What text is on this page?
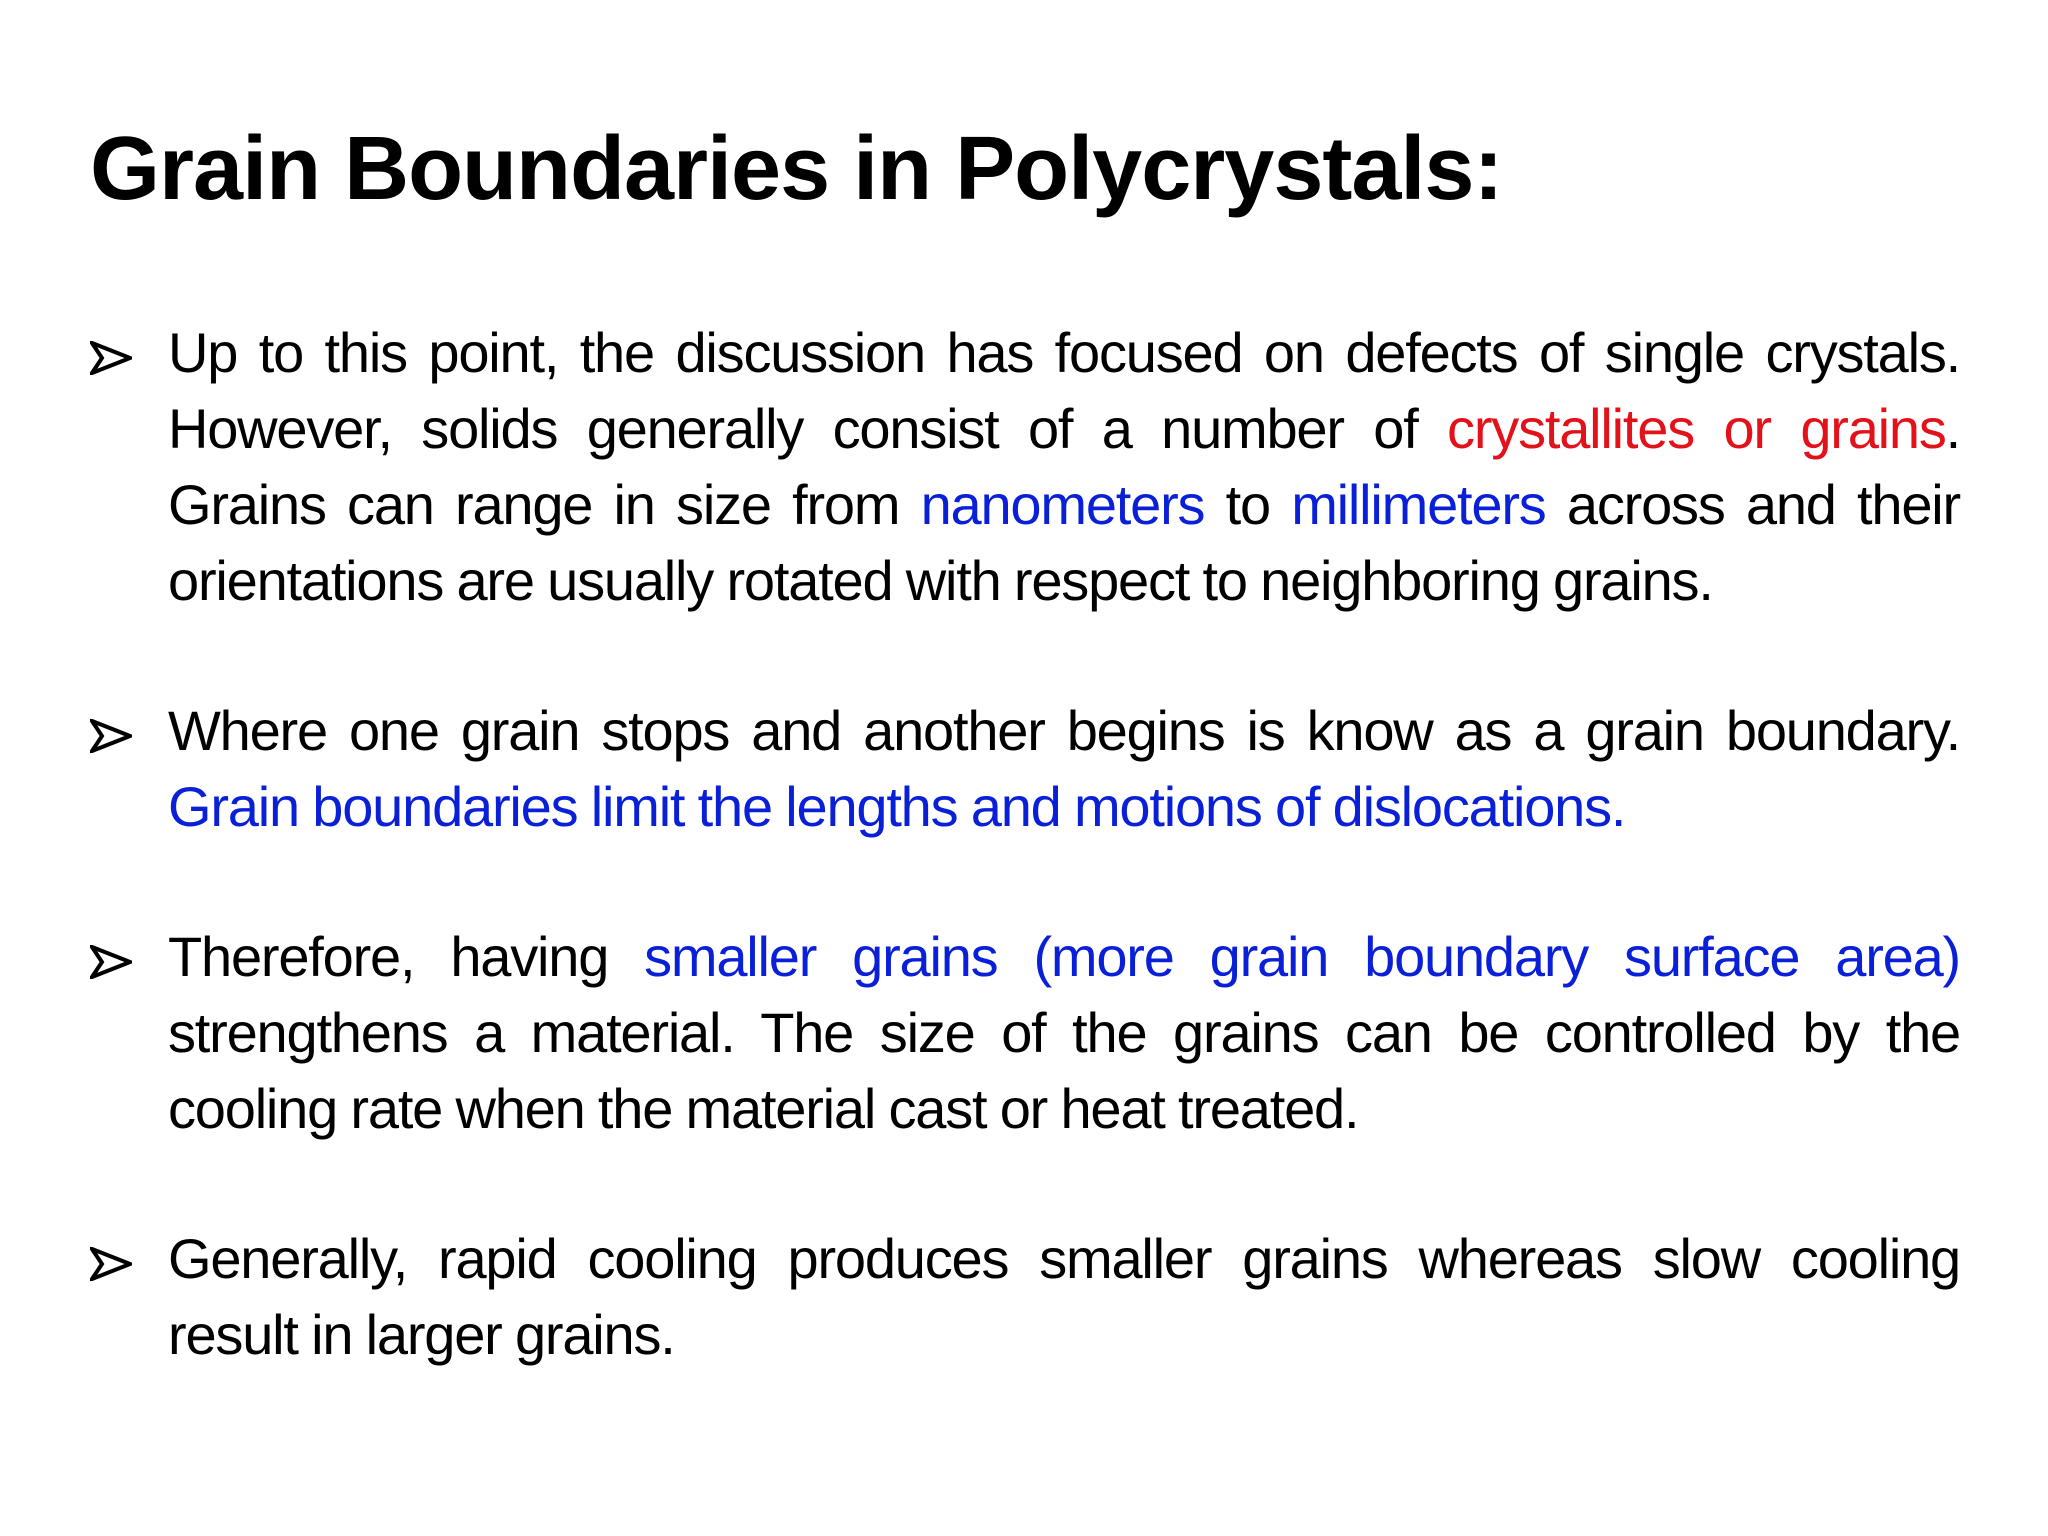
Grain Boundaries in Polycrystals:
Up to this point, the discussion has focused on defects of single crystals. However, solids generally consist of a number of crystallites or grains. Grains can range in size from nanometers to millimeters across and their orientations are usually rotated with respect to neighboring grains.
Where one grain stops and another begins is know as a grain boundary. Grain boundaries limit the lengths and motions of dislocations.
Therefore, having smaller grains (more grain boundary surface area) strengthens a material. The size of the grains can be controlled by the cooling rate when the material cast or heat treated.
Generally, rapid cooling produces smaller grains whereas slow cooling result in larger grains.
